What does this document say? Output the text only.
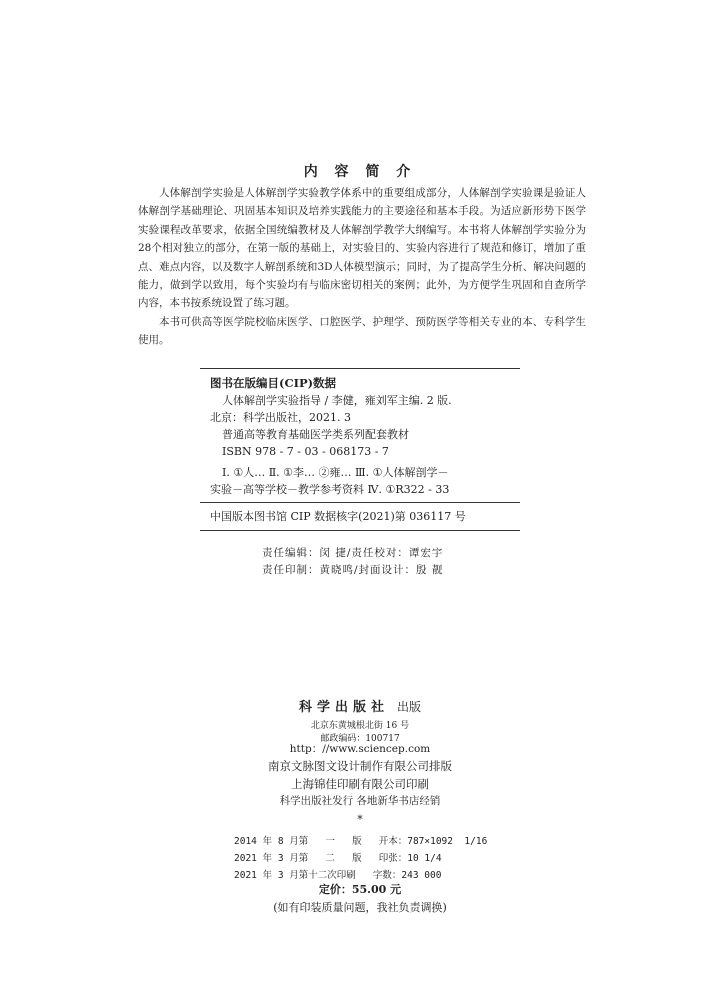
内 容 简 介

人体解剖学实验是人体解剖学实验教学体系中的重要组成部分，人体解剖学实验课是验证人体解剖学基础理论、巩固基本知识及培养实践能力的主要途径和基本手段。为适应新形势下医学实验课程改革要求，依据全国统编教材及人体解剖学教学大纲编写。本书将人体解剖学实验分为28个相对独立的部分，在第一版的基础上，对实验目的、实验内容进行了规范和修订，增加了重点、难点内容，以及数字人解剖系统和3D人体模型演示；同时，为了提高学生分析、解决问题的能力，做到学以致用，每个实验均有与临床密切相关的案例；此外，为方便学生巩固和自查所学内容，本书按系统设置了练习题。

本书可供高等医学院校临床医学、口腔医学、护理学、预防医学等相关专业的本、专科学生使用。

图书在版编目(CIP)数据
人体解剖学实验指导 / 李健，雍刘军主编. 2 版.
北京：科学出版社，2021. 3
普通高等教育基础医学类系列配套教材
ISBN 978 - 7 - 03 - 068173 - 7
Ⅰ. ①人… Ⅱ. ①李… ②雍… Ⅲ. ①人体解剖学－
实验－高等学校－教学参考资料 Ⅳ. ①R322 - 33
中国版本图书馆 CIP 数据核字(2021)第 036117 号
责任编辑：闵 捷/责任校对：谭宏宇
责任印制：黄晓鸣/封面设计：殷 靓
科学出版社 出版
北京东黄城根北街 16 号
邮政编码：100717
http：//www.sciencep.com
南京文脉图文设计制作有限公司排版
上海锦佳印刷有限公司印刷
科学出版社发行 各地新华书店经销
*
2014 年 8 月第   一   版   开本：787×1092  1/16
2021 年 3 月第   二   版   印张：10 1/4
2021 年 3 月第十二次印刷   字数：243 000
定价：55.00 元
(如有印装质量问题，我社负责调换)
